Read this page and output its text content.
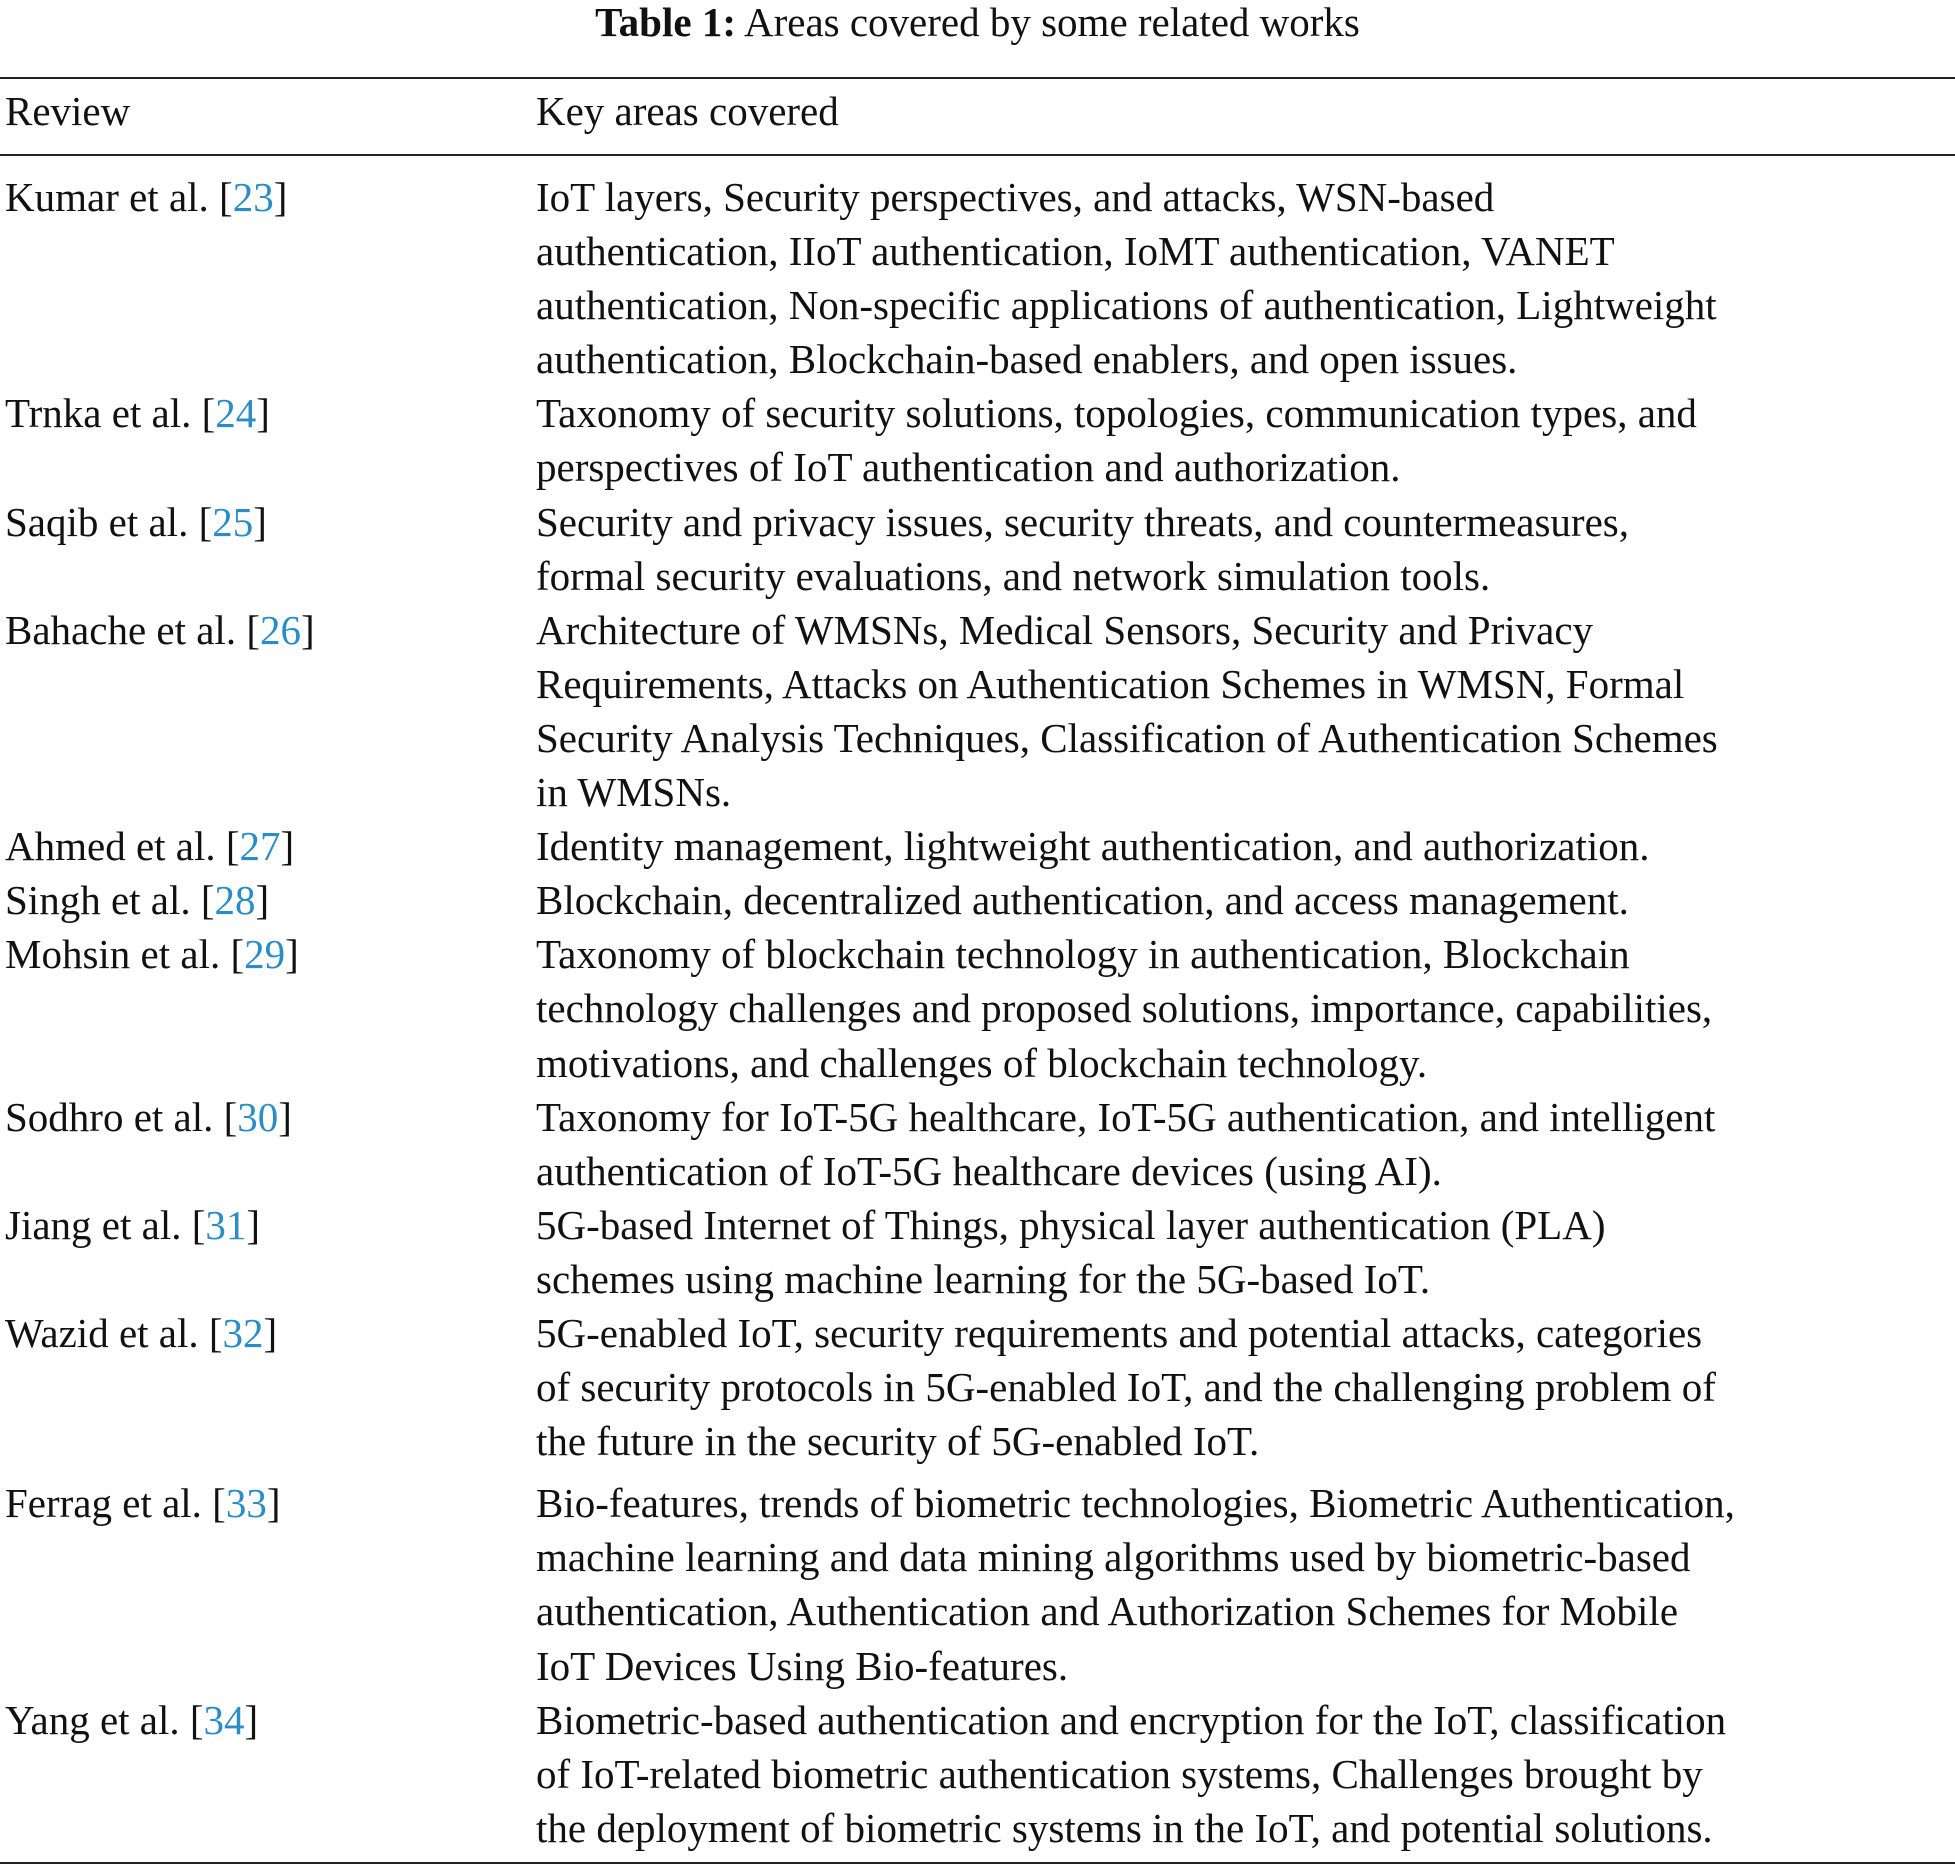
Table 1: Areas covered by some related works
Review	Key areas covered
Kumar et al. [23]	IoT layers, Security perspectives, and attacks, WSN-based
authentication, IIoT authentication, IoMT authentication, VANET
authentication, Non-specific applications of authentication, Lightweight
authentication, Blockchain-based enablers, and open issues.
Trnka et al. [24]	Taxonomy of security solutions, topologies, communication types, and
perspectives of IoT authentication and authorization.
Saqib et al. [25]	Security and privacy issues, security threats, and countermeasures,
formal security evaluations, and network simulation tools.
Bahache et al. [26]	Architecture of WMSNs, Medical Sensors, Security and Privacy
Requirements, Attacks on Authentication Schemes in WMSN, Formal
Security Analysis Techniques, Classification of Authentication Schemes
in WMSNs.
Ahmed et al. [27]	Identity management, lightweight authentication, and authorization.
Singh et al. [28]	Blockchain, decentralized authentication, and access management.
Mohsin et al. [29]	Taxonomy of blockchain technology in authentication, Blockchain
technology challenges and proposed solutions, importance, capabilities,
motivations, and challenges of blockchain technology.
Sodhro et al. [30]	Taxonomy for IoT-5G healthcare, IoT-5G authentication, and intelligent
authentication of IoT-5G healthcare devices (using AI).
Jiang et al. [31]	5G-based Internet of Things, physical layer authentication (PLA)
schemes using machine learning for the 5G-based IoT.
Wazid et al. [32]	5G-enabled IoT, security requirements and potential attacks, categories
of security protocols in 5G-enabled IoT, and the challenging problem of
the future in the security of 5G-enabled IoT.
Ferrag et al. [33]	Bio-features, trends of biometric technologies, Biometric Authentication,
machine learning and data mining algorithms used by biometric-based
authentication, Authentication and Authorization Schemes for Mobile
IoT Devices Using Bio-features.
Yang et al. [34]	Biometric-based authentication and encryption for the IoT, classification
of IoT-related biometric authentication systems, Challenges brought by
the deployment of biometric systems in the IoT, and potential solutions.
